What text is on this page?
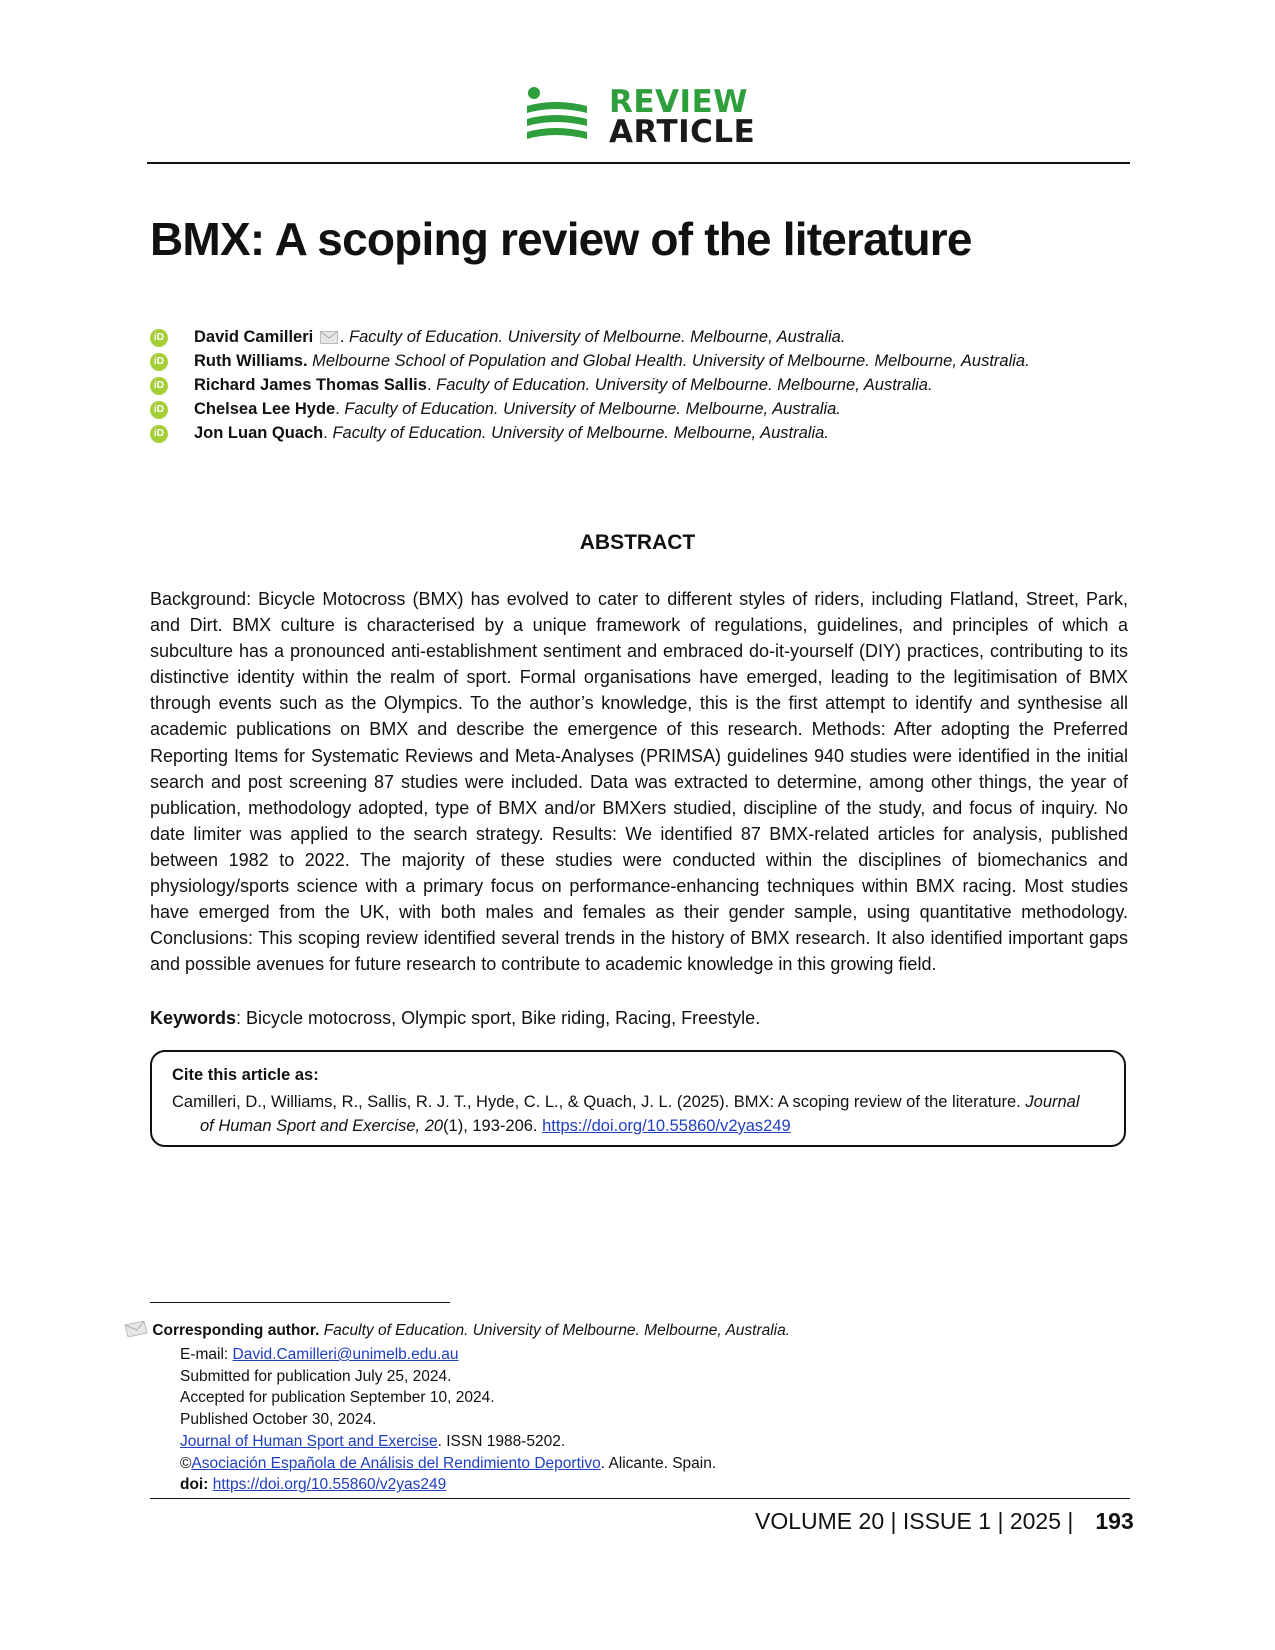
REVIEW
ARTICLE
BMX: A scoping review of the literature
iD David Camilleri . Faculty of Education. University of Melbourne. Melbourne, Australia.
iD Ruth Williams. Melbourne School of Population and Global Health. University of Melbourne. Melbourne, Australia.
iD Richard James Thomas Sallis. Faculty of Education. University of Melbourne. Melbourne, Australia.
iD Chelsea Lee Hyde. Faculty of Education. University of Melbourne. Melbourne, Australia.
iD Jon Luan Quach. Faculty of Education. University of Melbourne. Melbourne, Australia.
ABSTRACT
Background: Bicycle Motocross (BMX) has evolved to cater to different styles of riders, including Flatland, Street, Park, and Dirt. BMX culture is characterised by a unique framework of regulations, guidelines, and principles of which a subculture has a pronounced anti-establishment sentiment and embraced do-it-yourself (DIY) practices, contributing to its distinctive identity within the realm of sport. Formal organisations have emerged, leading to the legitimisation of BMX through events such as the Olympics. To the author’s knowledge, this is the first attempt to identify and synthesise all academic publications on BMX and describe the emergence of this research. Methods: After adopting the Preferred Reporting Items for Systematic Reviews and Meta-Analyses (PRIMSA) guidelines 940 studies were identified in the initial search and post screening 87 studies were included. Data was extracted to determine, among other things, the year of publication, methodology adopted, type of BMX and/or BMXers studied, discipline of the study, and focus of inquiry. No date limiter was applied to the search strategy. Results: We identified 87 BMX-related articles for analysis, published between 1982 to 2022. The majority of these studies were conducted within the disciplines of biomechanics and physiology/sports science with a primary focus on performance-enhancing techniques within BMX racing. Most studies have emerged from the UK, with both males and females as their gender sample, using quantitative methodology. Conclusions: This scoping review identified several trends in the history of BMX research. It also identified important gaps and possible avenues for future research to contribute to academic knowledge in this growing field.
Keywords: Bicycle motocross, Olympic sport, Bike riding, Racing, Freestyle.
Cite this article as:
Camilleri, D., Williams, R., Sallis, R. J. T., Hyde, C. L., & Quach, J. L. (2025). BMX: A scoping review of the literature. Journal
of Human Sport and Exercise, 20(1), 193-206. https://doi.org/10.55860/v2yas249
Corresponding author. Faculty of Education. University of Melbourne. Melbourne, Australia.
E-mail: David.Camilleri@unimelb.edu.au
Submitted for publication July 25, 2024.
Accepted for publication September 10, 2024.
Published October 30, 2024.
Journal of Human Sport and Exercise. ISSN 1988-5202.
©Asociación Española de Análisis del Rendimiento Deportivo. Alicante. Spain.
doi: https://doi.org/10.55860/v2yas249
VOLUME 20 | ISSUE 1 | 2025 | 193
